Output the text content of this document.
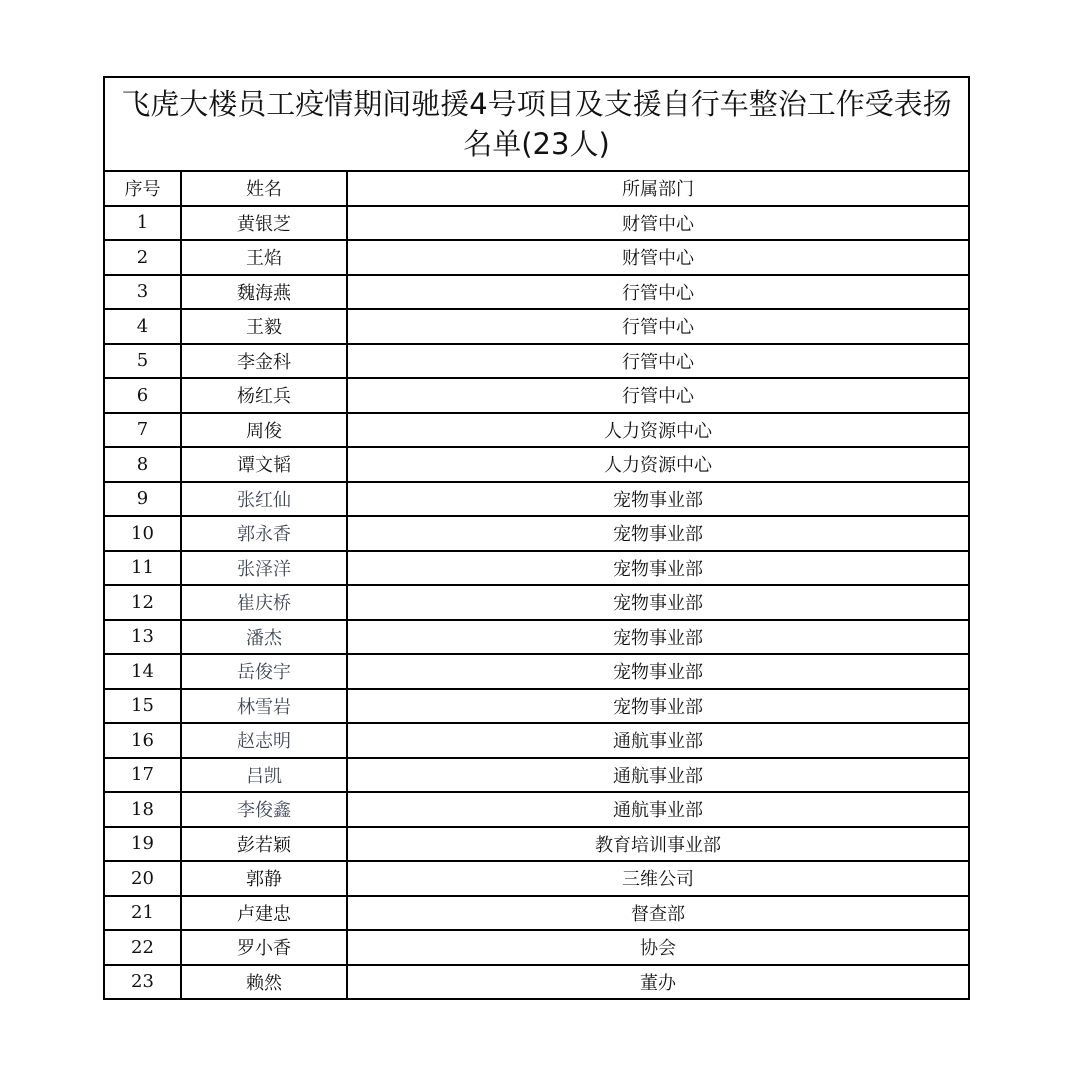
飞虎大楼员工疫情期间驰援4号项目及支援自行车整治工作受表扬名单(23人)		
序号	姓名	所属部门
1	黄银芝	财管中心
2	王焰	财管中心
3	魏海燕	行管中心
4	王毅	行管中心
5	李金科	行管中心
6	杨红兵	行管中心
7	周俊	人力资源中心
8	谭文韬	人力资源中心
9	张红仙	宠物事业部
10	郭永香	宠物事业部
11	张泽洋	宠物事业部
12	崔庆桥	宠物事业部
13	潘杰	宠物事业部
14	岳俊宇	宠物事业部
15	林雪岩	宠物事业部
16	赵志明	通航事业部
17	吕凯	通航事业部
18	李俊鑫	通航事业部
19	彭若颖	教育培训事业部
20	郭静	三维公司
21	卢建忠	督查部
22	罗小香	协会
23	赖然	董办
